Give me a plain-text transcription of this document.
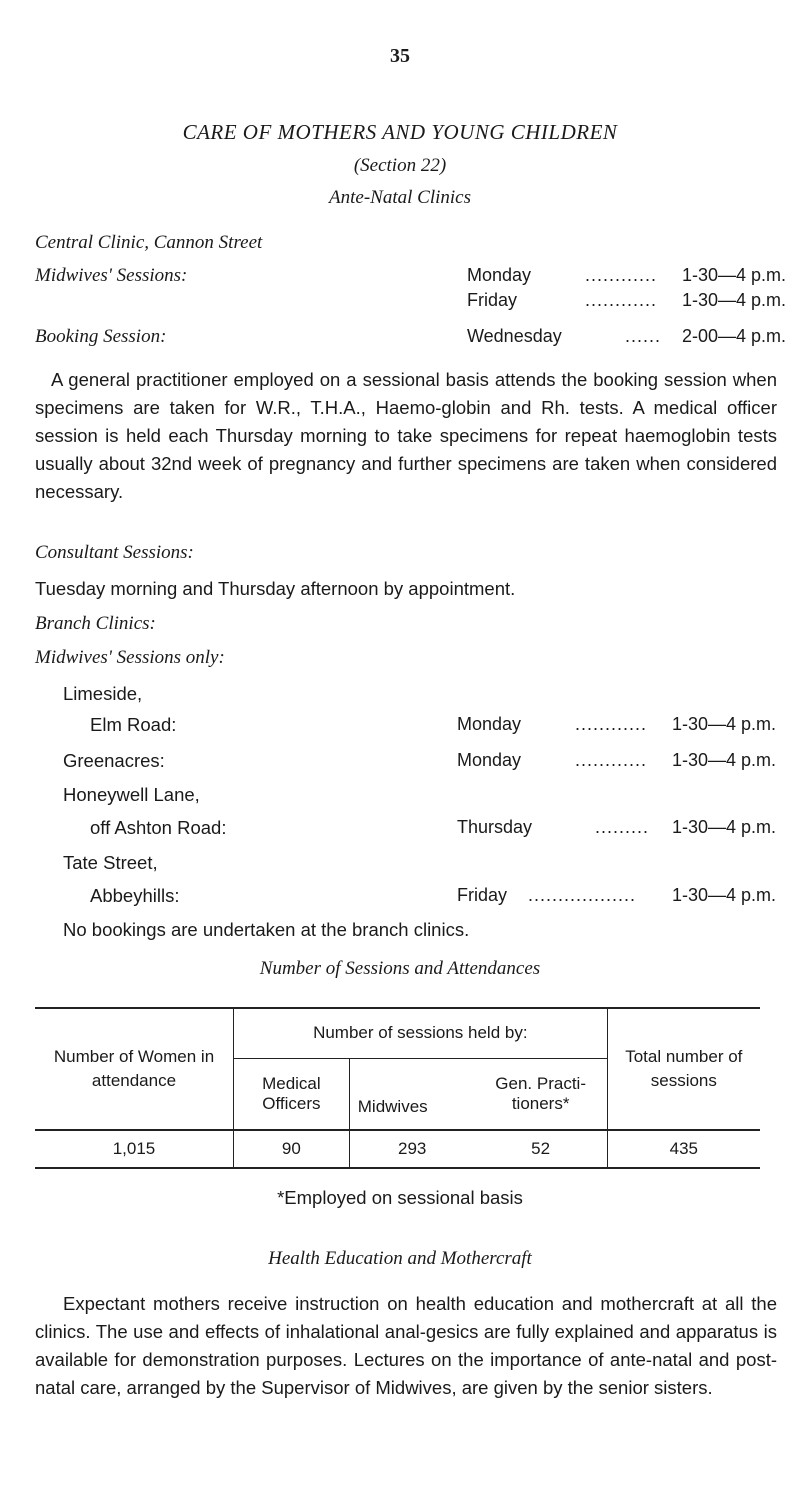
35
CARE OF MOTHERS AND YOUNG CHILDREN
(Section 22)
Ante-Natal Clinics
Central Clinic, Cannon Street
Midwives' Sessions:	Monday	............ 1-30—4 p.m.
Friday	............ 1-30—4 p.m.
Booking Session:	Wednesday	...... 2-00—4 p.m.
A general practitioner employed on a sessional basis attends the booking session when specimens are taken for W.R., T.H.A., Haemo-globin and Rh. tests. A medical officer session is held each Thursday morning to take specimens for repeat haemoglobin tests usually about 32nd week of pregnancy and further specimens are taken when considered necessary.
Consultant Sessions:
Tuesday morning and Thursday afternoon by appointment.
Branch Clinics:
Midwives' Sessions only:
Limeside,
Elm Road:	Monday	............ 1-30—4 p.m.
Greenacres:	Monday	............ 1-30—4 p.m.
Honeywell Lane,
off Ashton Road:	Thursday	......... 1-30—4 p.m.
Tate Street,
Abbeyhills:	Friday .................. 1-30—4 p.m.
No bookings are undertaken at the branch clinics.
Number of Sessions and Attendances
Number of Women in attendance	Number of sessions held by:			Total number of sessions
	Medical Officers	Midwives	Gen. Practi-tioners*	
1,015	90	293	52	435
*Employed on sessional basis
Health Education and Mothercraft
Expectant mothers receive instruction on health education and mothercraft at all the clinics. The use and effects of inhalational anal-gesics are fully explained and apparatus is available for demonstration purposes. Lectures on the importance of ante-natal and post-natal care, arranged by the Supervisor of Midwives, are given by the senior sisters.
